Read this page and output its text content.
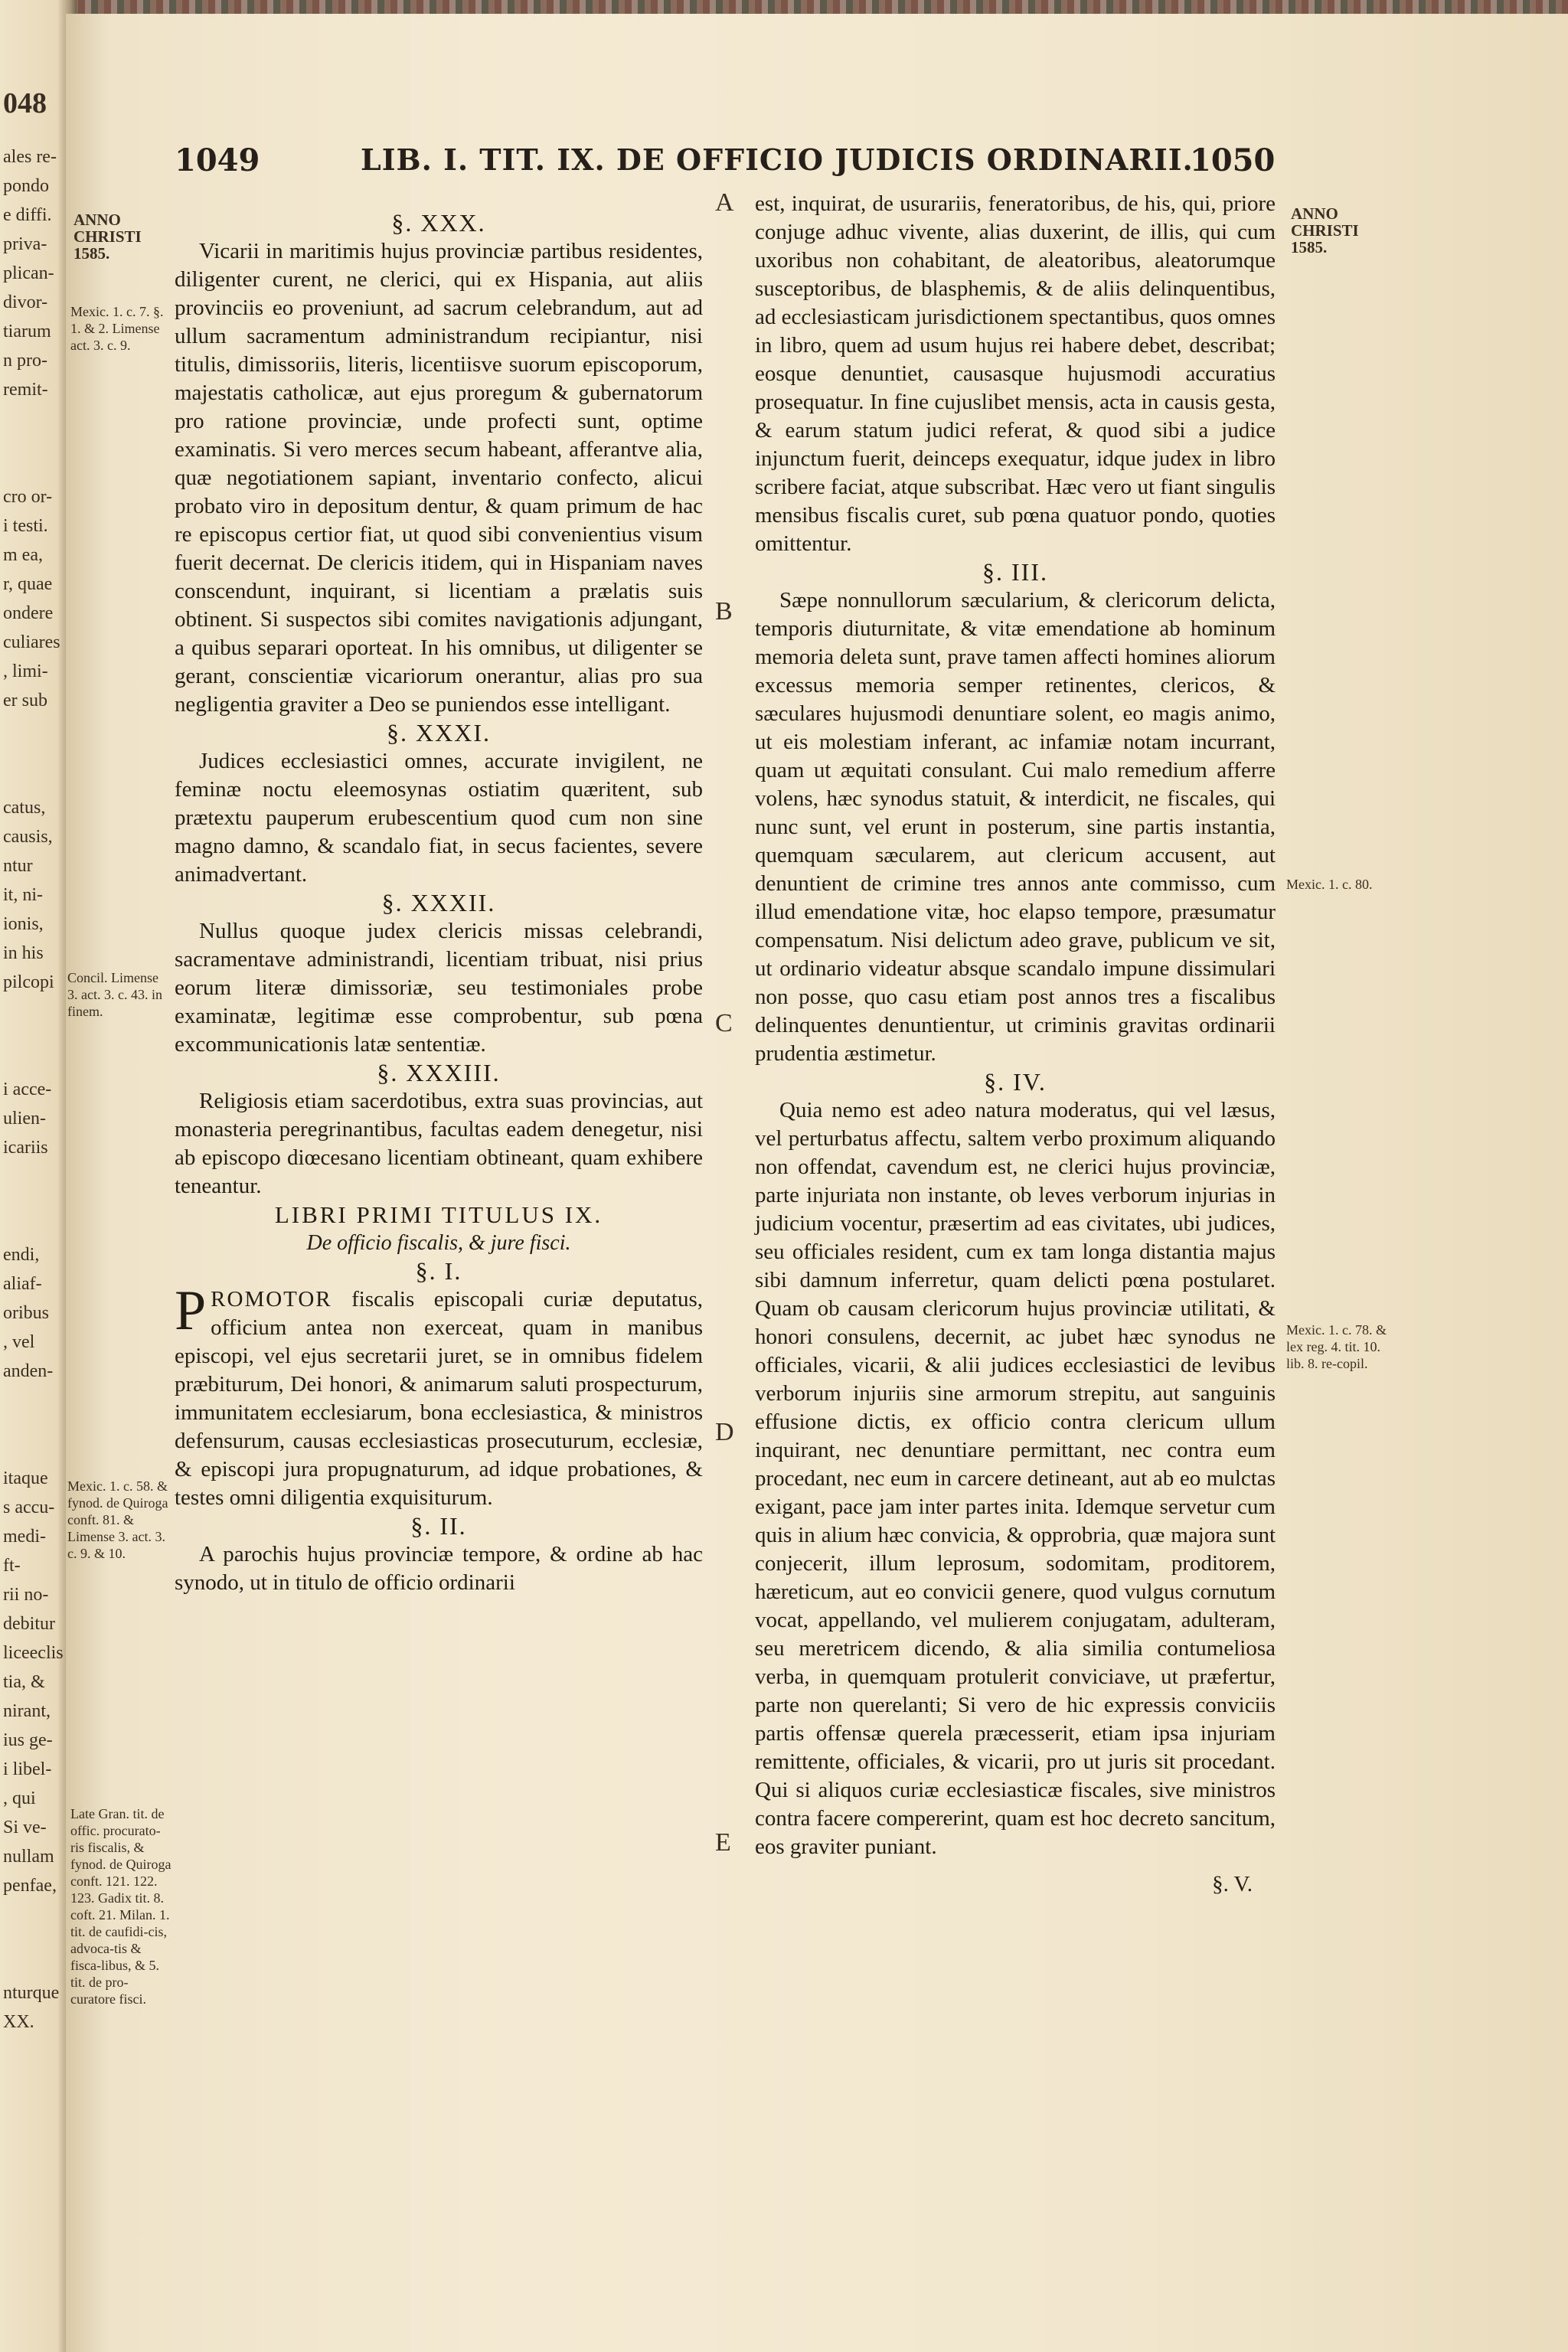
048
ales re-
pondo
e diffi.
priva-
plican-
divor-
tiarum
n pro-
remit-
cro or-
i testi.
m ea,
r, quae
ondere
culiares
, limi-
er sub
catus,
causis,
ntur
it, ni-
ionis,
in his
pilcopi
i acce-
ulien-
icariis
endi,
aliaf-
oribus
, vel
anden-
itaque
s accu-
medi-
ft-
rii no-
debitur
liceeclis
tia, &
nirant,
ius ge-
i libel-
, qui
Si ve-
nullam
penfae,
nturque
XX.
1049	LIB. I. TIT. IX. DE OFFICIO JUDICIS ORDINARII.
1050
ANNO CHRISTI 1585.
Mexic. 1. c. 7. §. 1. & 2. Limense act. 3. c. 9.
Concil. Limense 3. act. 3. c. 43. in finem.
Mexic. 1. c. 58. & fynod. de Quiroga conft. 81. & Limense 3. act. 3. c. 9. & 10.
Late Gran. tit. de offic. procurato-ris fiscalis, & fynod. de Quiroga conft. 121. 122. 123. Gadix tit. 8. coft. 21. Milan. 1. tit. de caufidi-cis, advoca-tis & fisca-libus, & 5. tit. de pro-curatore fisci.
ANNO CHRISTI 1585.
Mexic. 1. c. 80.
Mexic. 1. c. 78. & lex reg. 4. tit. 10. lib. 8. re-copil.
A
B
C
D
E

§. XXX.

Vicarii in maritimis hujus provinciæ partibus residentes, diligenter curent, ne clerici, qui ex Hispania, aut aliis provinciis eo proveniunt, ad sacrum celebrandum, aut ad ullum sacramentum administrandum recipiantur, nisi titulis, dimissoriis, literis, licentiisve suorum episcoporum, majestatis catholicæ, aut ejus proregum & gubernatorum pro ratione provinciæ, unde profecti sunt, optime examinatis. Si vero merces secum habeant, afferantve alia, quæ negotiationem sapiant, inventario confecto, alicui probato viro in depositum dentur, & quam primum de hac re episcopus certior fiat, ut quod sibi convenientius visum fuerit decernat. De clericis itidem, qui in Hispaniam naves conscendunt, inquirant, si licentiam a prælatis suis obtinent. Si suspectos sibi comites navigationis adjungant, a quibus separari oporteat. In his omnibus, ut diligenter se gerant, conscientiæ vicariorum onerantur, alias pro sua negligentia graviter a Deo se puniendos esse intelligant.

§. XXXI.

Judices ecclesiastici omnes, accurate invigilent, ne feminæ noctu eleemosynas ostiatim quæritent, sub prætextu pauperum erubescentium quod cum non sine magno damno, & scandalo fiat, in secus facientes, severe animadvertant.

§. XXXII.

Nullus quoque judex clericis missas celebrandi, sacramentave administrandi, licentiam tribuat, nisi prius eorum literæ dimissoriæ, seu testimoniales probe examinatæ, legitimæ esse comprobentur, sub pœna excommunicationis latæ sententiæ.

§. XXXIII.

Religiosis etiam sacerdotibus, extra suas provincias, aut monasteria peregrinantibus, facultas eadem denegetur, nisi ab episcopo diœcesano licentiam obtineant, quam exhibere teneantur.

LIBRI PRIMI TITULUS IX.

De officio fiscalis, & jure fisci.

§. I.

PROMOTOR fiscalis episcopali curiæ deputatus, officium antea non exerceat, quam in manibus episcopi, vel ejus secretarii juret, se in omnibus fidelem præbiturum, Dei honori, & animarum saluti prospecturum, immunitatem ecclesiarum, bona ecclesiastica, & ministros defensurum, causas ecclesiasticas prosecuturum, ecclesiæ, & episcopi jura propugnaturum, ad idque probationes, & testes omni diligentia exquisiturum.

§. II.

A parochis hujus provinciæ tempore, & ordine ab hac synodo, ut in titulo de officio ordinarii

est, inquirat, de usurariis, feneratoribus, de his, qui, priore conjuge adhuc vivente, alias duxerint, de illis, qui cum uxoribus non cohabitant, de aleatoribus, aleatorumque susceptoribus, de blasphemis, & de aliis delinquentibus, ad ecclesiasticam jurisdictionem spectantibus, quos omnes in libro, quem ad usum hujus rei habere debet, describat; eosque denuntiet, causasque hujusmodi accuratius prosequatur. In fine cujuslibet mensis, acta in causis gesta, & earum statum judici referat, & quod sibi a judice injunctum fuerit, deinceps exequatur, idque judex in libro scribere faciat, atque subscribat. Hæc vero ut fiant singulis mensibus fiscalis curet, sub pœna quatuor pondo, quoties omittentur.

§. III.

Sæpe nonnullorum sæcularium, & clericorum delicta, temporis diuturnitate, & vitæ emendatione ab hominum memoria deleta sunt, prave tamen affecti homines aliorum excessus memoria semper retinentes, clericos, & sæculares hujusmodi denuntiare solent, eo magis animo, ut eis molestiam inferant, ac infamiæ notam incurrant, quam ut æquitati consulant. Cui malo remedium afferre volens, hæc synodus statuit, & interdicit, ne fiscales, qui nunc sunt, vel erunt in posterum, sine partis instantia, quemquam sæcularem, aut clericum accusent, aut denuntient de crimine tres annos ante commisso, cum illud emendatione vitæ, hoc elapso tempore, præsumatur compensatum. Nisi delictum adeo grave, publicum ve sit, ut ordinario videatur absque scandalo impune dissimulari non posse, quo casu etiam post annos tres a fiscalibus delinquentes denuntientur, ut criminis gravitas ordinarii prudentia æstimetur.

§. IV.

Quia nemo est adeo natura moderatus, qui vel læsus, vel perturbatus affectu, saltem verbo proximum aliquando non offendat, cavendum est, ne clerici hujus provinciæ, parte injuriata non instante, ob leves verborum injurias in judicium vocentur, præsertim ad eas civitates, ubi judices, seu officiales resident, cum ex tam longa distantia majus sibi damnum inferretur, quam delicti pœna postularet. Quam ob causam clericorum hujus provinciæ utilitati, & honori consulens, decernit, ac jubet hæc synodus ne officiales, vicarii, & alii judices ecclesiastici de levibus verborum injuriis sine armorum strepitu, aut sanguinis effusione dictis, ex officio contra clericum ullum inquirant, nec denuntiare permittant, nec contra eum procedant, nec eum in carcere detineant, aut ab eo mulctas exigant, pace jam inter partes inita. Idemque servetur cum quis in alium hæc convicia, & opprobria, quæ majora sunt conjecerit, illum leprosum, sodomitam, proditorem, hæreticum, aut eo convicii genere, quod vulgus cornutum vocat, appellando, vel mulierem conjugatam, adulteram, seu meretricem dicendo, & alia similia contumeliosa verba, in quemquam protulerit conviciave, ut præfertur, parte non querelanti; Si vero de hic expressis conviciis partis offensæ querela præcesserit, etiam ipsa injuriam remittente, officiales, & vicarii, pro ut juris sit procedant. Qui si aliquos curiæ ecclesiasticæ fiscales, sive ministros contra facere compererint, quam est hoc decreto sancitum, eos graviter puniant.

§. V.
